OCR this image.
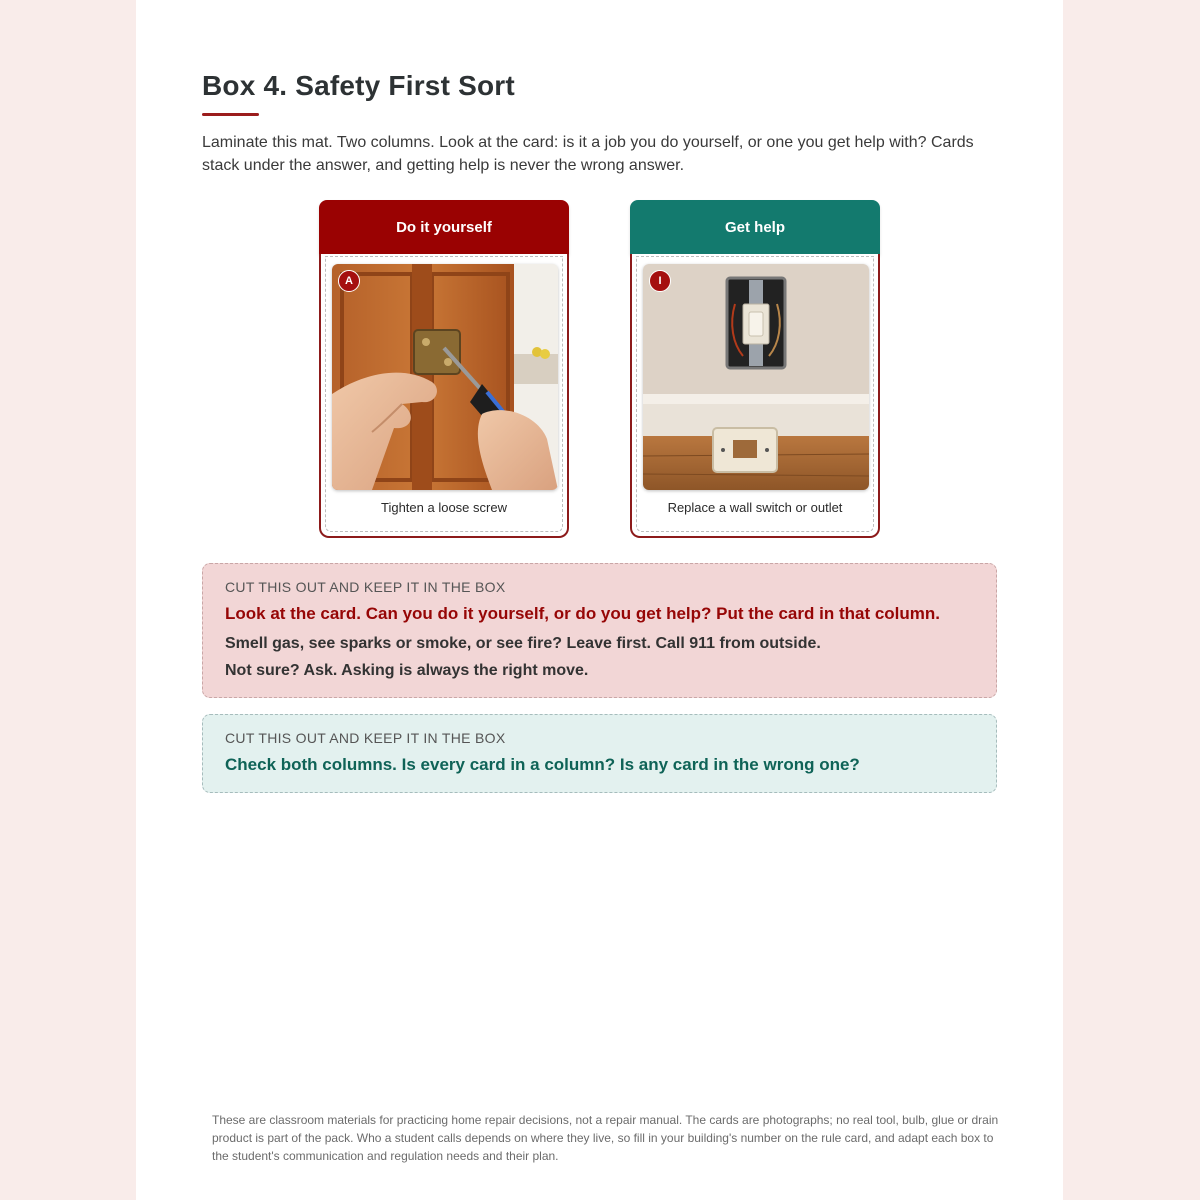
Box 4. Safety First Sort

Laminate this mat. Two columns. Look at the card: is it a job you do yourself, or one you get help with? Cards stack under the answer, and getting help is never the wrong answer.

Do it yourself
A
Tighten a loose screw
Get help
I
Replace a wall switch or outlet
CUT THIS OUT AND KEEP IT IN THE BOX
Look at the card. Can you do it yourself, or do you get help? Put the card in that column.
Smell gas, see sparks or smoke, or see fire? Leave first. Call 911 from outside.
Not sure? Ask. Asking is always the right move.
CUT THIS OUT AND KEEP IT IN THE BOX
Check both columns. Is every card in a column? Is any card in the wrong one?

These are classroom materials for practicing home repair decisions, not a repair manual. The cards are photographs; no real tool, bulb, glue or drain product is part of the pack. Who a student calls depends on where they live, so fill in your building's number on the rule card, and adapt each box to the student's communication and regulation needs and their plan.
